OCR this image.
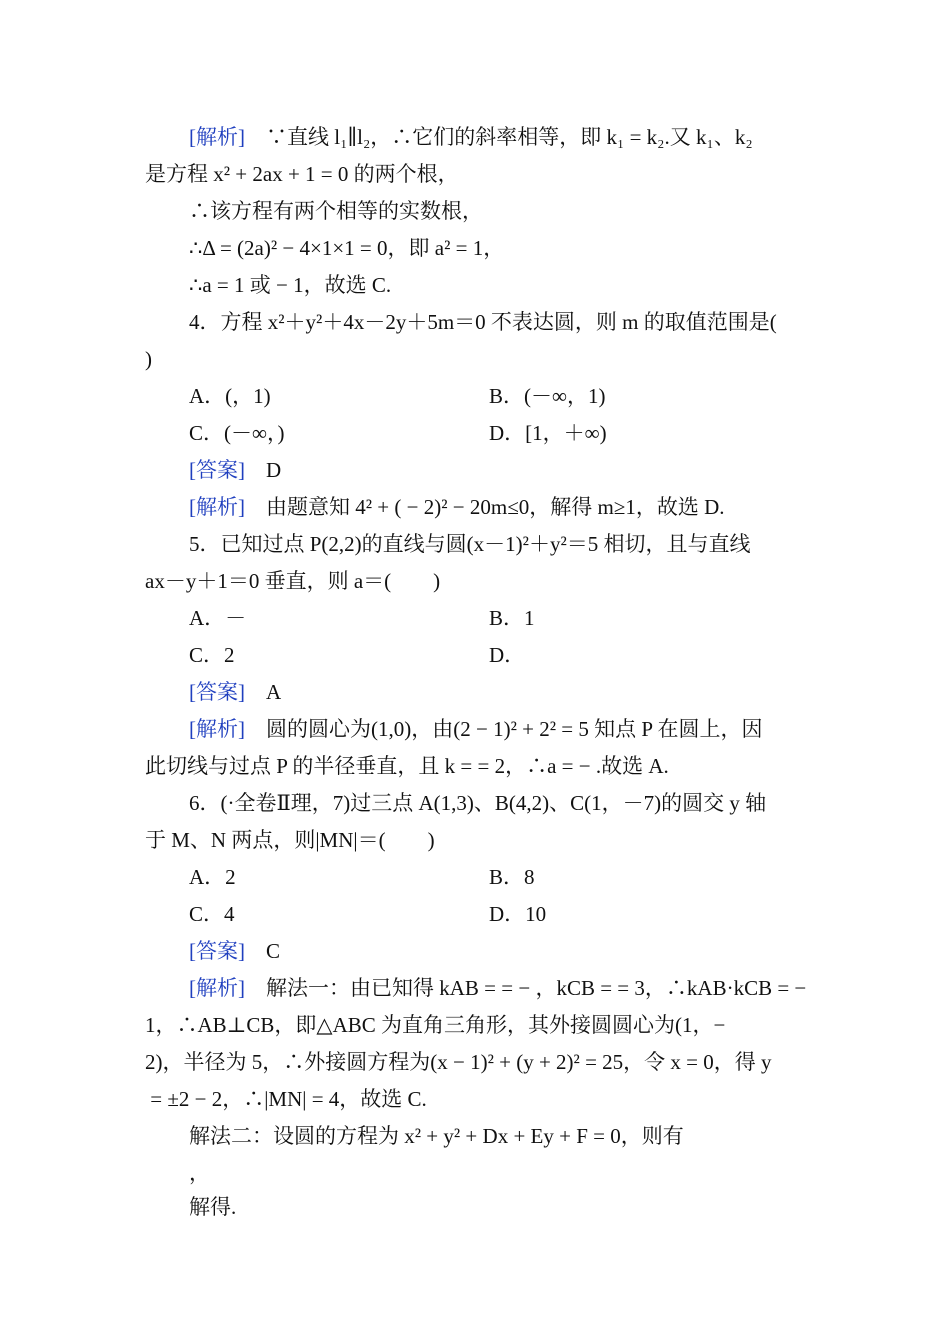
[解析]　∵直线 l₁∥l₂，∴它们的斜率相等，即 k₁ = k₂.又 k₁、k₂
是方程 x² + 2ax + 1 = 0 的两个根，
∴该方程有两个相等的实数根，
∴Δ = (2a)² − 4×1×1 = 0，即 a² = 1，
∴a = 1 或 − 1，故选 C.
4．方程 x²＋y²＋4x－2y＋5m＝0 不表达圆，则 m 的取值范围是(
)
A．(，1)	B．(－∞，1)
C．(－∞，)	D．[1，＋∞)
[答案]　D
[解析]　由题意知 4² + ( − 2)² − 20m≤0，解得 m≥1，故选 D.
5．已知过点 P(2,2)的直线与圆(x－1)²＋y²＝5 相切，且与直线
ax－y＋1＝0 垂直，则 a＝(　　)
A．－	B．1
C．2	D．
[答案]　A
[解析]　圆的圆心为(1,0)，由(2 − 1)² + 2² = 5 知点 P 在圆上，因
此切线与过点 P 的半径垂直，且 k = = 2，∴a = − .故选 A.
6．(·全卷Ⅱ理，7)过三点 A(1,3)、B(4,2)、C(1，－7)的圆交 y 轴
于 M、N 两点，则|MN|＝(　　)
A．2	B．8
C．4	D．10
[答案]　C
[解析]　解法一：由已知得 kAB = = − ，kCB = = 3，∴kAB·kCB = −
1，∴AB⊥CB，即△ABC 为直角三角形，其外接圆圆心为(1，−
2)，半径为 5，∴外接圆方程为(x − 1)² + (y + 2)² = 25，令 x = 0，得 y
= ±2 − 2，∴|MN| = 4，故选 C.
解法二：设圆的方程为 x² + y² + Dx + Ey + F = 0，则有
，
解得.
